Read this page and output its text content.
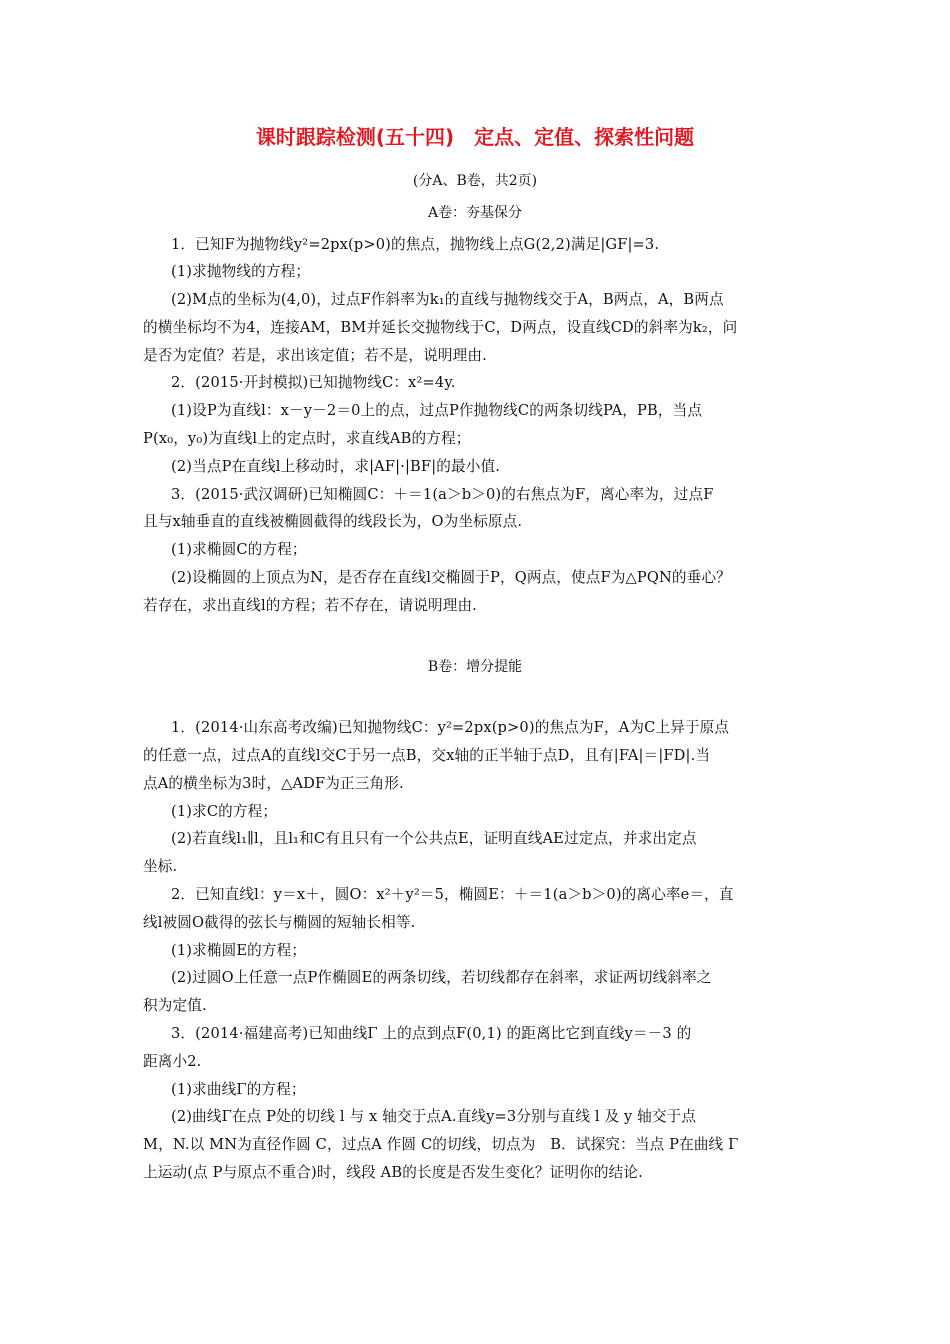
课时跟踪检测(五十四)　定点、定值、探索性问题
(分A、B卷，共2页)
A卷：夯基保分
1．已知F为抛物线y²=2px(p>0)的焦点，抛物线上点G(2,2)满足|GF|=3.
(1)求抛物线的方程；
(2)M点的坐标为(4,0)，过点F作斜率为k₁的直线与抛物线交于A，B两点，A，B两点
的横坐标均不为4，连接AM，BM并延长交抛物线于C，D两点，设直线CD的斜率为k₂，问
是否为定值？若是，求出该定值；若不是，说明理由.
2．(2015·开封模拟)已知抛物线C：x²=4y.
(1)设P为直线l：x－y－2＝0上的点，过点P作抛物线C的两条切线PA，PB，当点
P(x₀，y₀)为直线l上的定点时，求直线AB的方程；
(2)当点P在直线l上移动时，求|AF|·|BF|的最小值.
3．(2015·武汉调研)已知椭圆C：＋＝1(a＞b＞0)的右焦点为F，离心率为，过点F
且与x轴垂直的直线被椭圆截得的线段长为，O为坐标原点.
(1)求椭圆C的方程；
(2)设椭圆的上顶点为N，是否存在直线l交椭圆于P，Q两点，使点F为△PQN的垂心？
若存在，求出直线l的方程；若不存在，请说明理由.
B卷：增分提能
1．(2014·山东高考改编)已知抛物线C：y²=2px(p>0)的焦点为F，A为C上异于原点
的任意一点，过点A的直线l交C于另一点B，交x轴的正半轴于点D，且有|FA|＝|FD|.当
点A的横坐标为3时，△ADF为正三角形.
(1)求C的方程；
(2)若直线l₁∥l，且l₁和C有且只有一个公共点E，证明直线AE过定点，并求出定点
坐标.
2．已知直线l：y＝x＋，圆O：x²＋y²＝5，椭圆E：＋＝1(a＞b＞0)的离心率e＝，直
线l被圆O截得的弦长与椭圆的短轴长相等.
(1)求椭圆E的方程；
(2)过圆O上任意一点P作椭圆E的两条切线，若切线都存在斜率，求证两切线斜率之
积为定值.
3．(2014·福建高考)已知曲线Γ 上的点到点F(0,1) 的距离比它到直线y＝－3 的
距离小2.
(1)求曲线Γ的方程；
(2)曲线Γ在点 P处的切线 l 与 x 轴交于点A.直线y=3分别与直线 l 及 y 轴交于点
M，N.以 MN为直径作圆 C，过点A 作圆 C的切线，切点为　B．试探究：当点 P在曲线 Γ
上运动(点 P与原点不重合)时，线段 AB的长度是否发生变化？证明你的结论.
